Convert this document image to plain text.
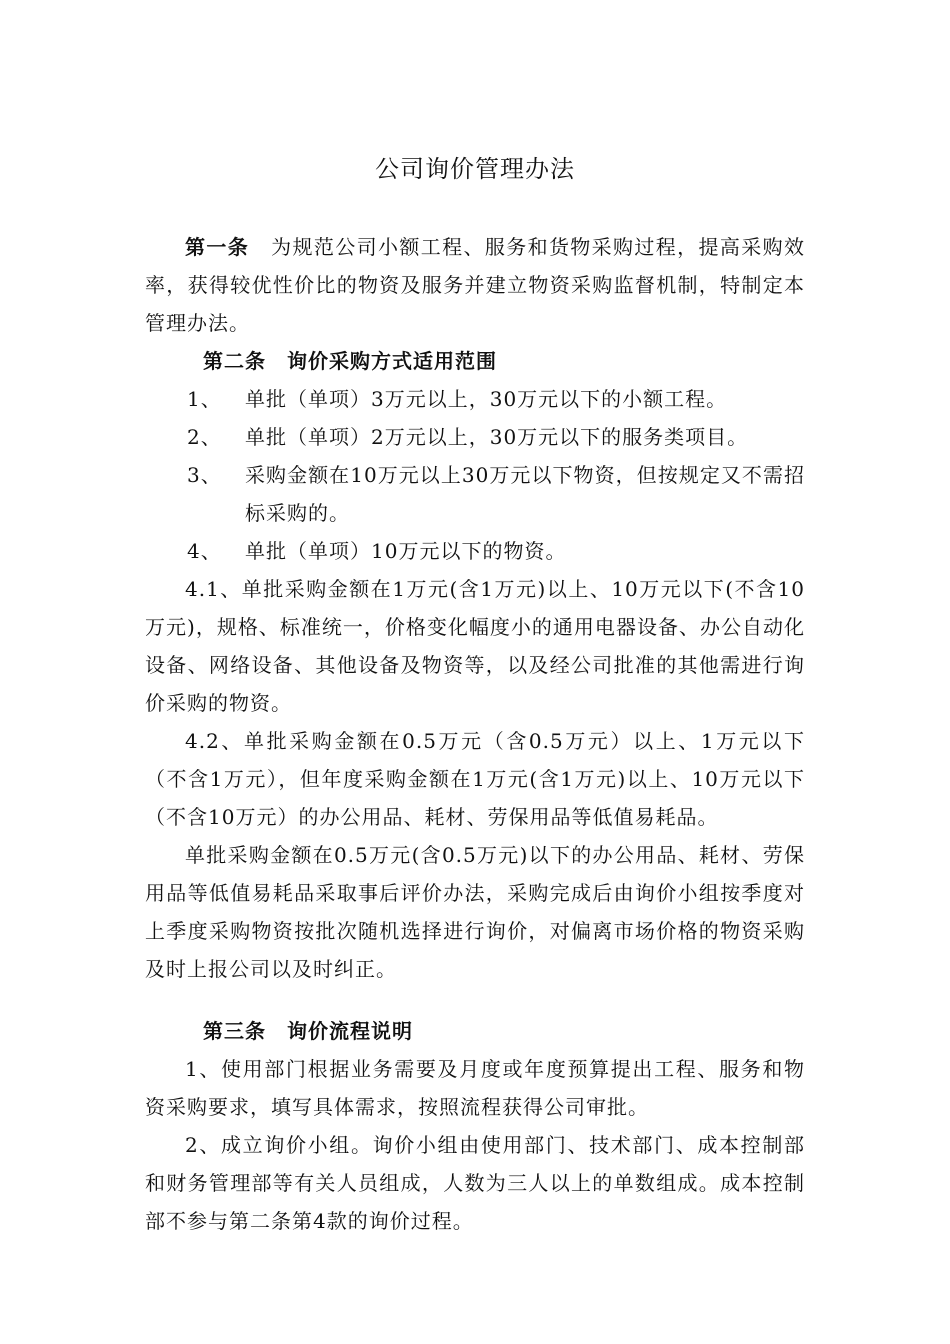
公司询价管理办法

第一条 为规范公司小额工程、服务和货物采购过程，提高采购效率，获得较优性价比的物资及服务并建立物资采购监督机制，特制定本管理办法。

第二条　询价采购方式适用范围

1、	单批（单项）3万元以上，30万元以下的小额工程。
2、	单批（单项）2万元以上，30万元以下的服务类项目。
3、	采购金额在10万元以上30万元以下物资，但按规定又不需招标采购的。
4、	单批（单项）10万元以下的物资。

4.1、单批采购金额在1万元(含1万元)以上、10万元以下(不含10万元)，规格、标准统一，价格变化幅度小的通用电器设备、办公自动化设备、网络设备、其他设备及物资等，以及经公司批准的其他需进行询价采购的物资。

4.2、单批采购金额在0.5万元（含0.5万元）以上、1万元以下（不含1万元），但年度采购金额在1万元(含1万元)以上、10万元以下（不含10万元）的办公用品、耗材、劳保用品等低值易耗品。

单批采购金额在0.5万元(含0.5万元)以下的办公用品、耗材、劳保用品等低值易耗品采取事后评价办法，采购完成后由询价小组按季度对上季度采购物资按批次随机选择进行询价，对偏离市场价格的物资采购及时上报公司以及时纠正。

第三条　询价流程说明

1、使用部门根据业务需要及月度或年度预算提出工程、服务和物资采购要求，填写具体需求，按照流程获得公司审批。

2、成立询价小组。询价小组由使用部门、技术部门、成本控制部和财务管理部等有关人员组成，人数为三人以上的单数组成。成本控制部不参与第二条第4款的询价过程。
